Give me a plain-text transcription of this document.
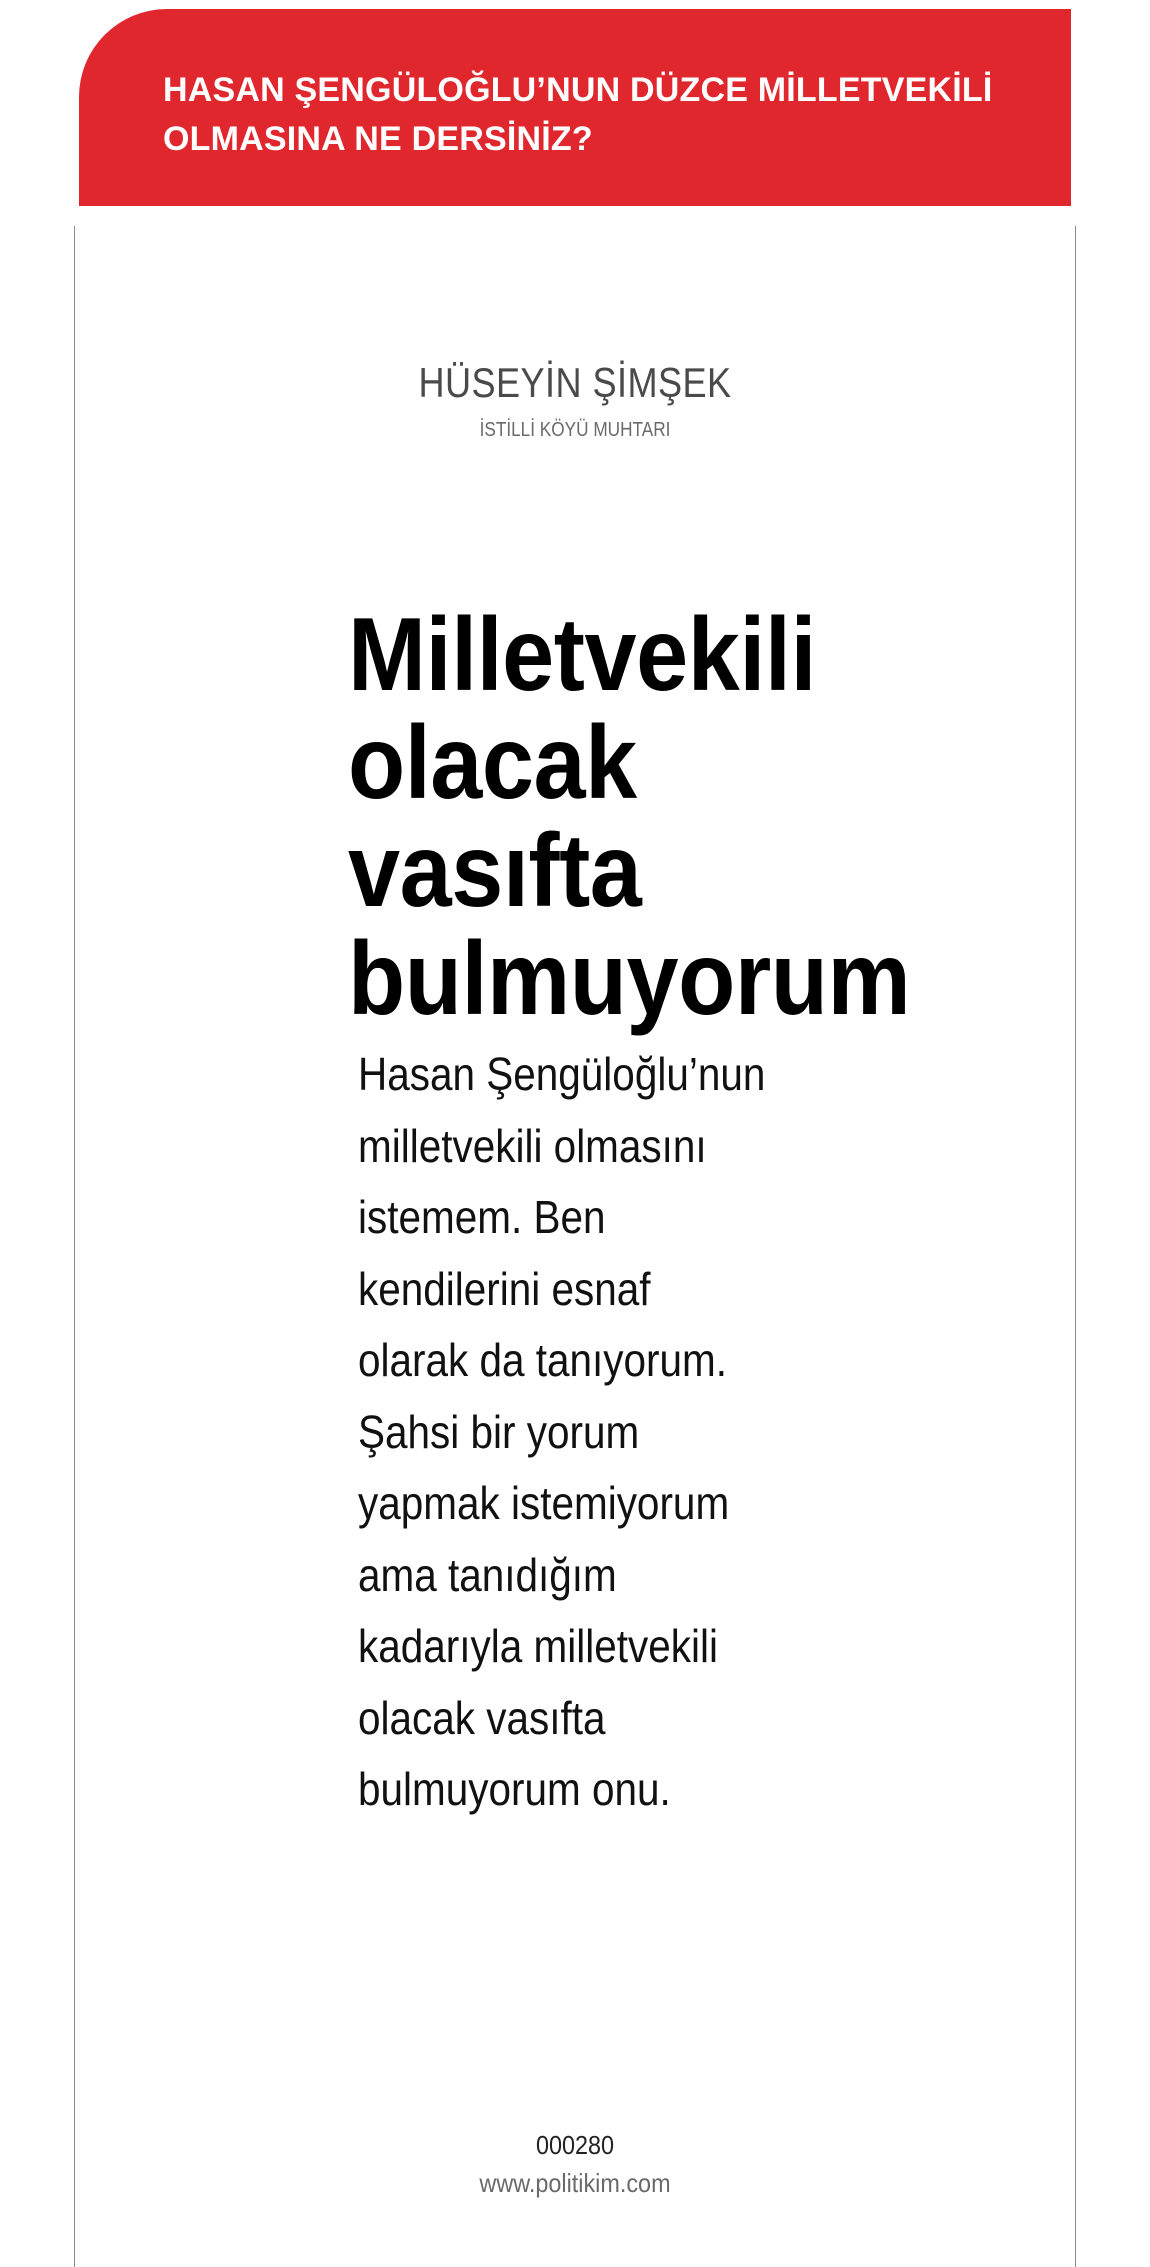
HASAN ŞENGÜLOĞLU’NUN DÜZCE MİLLETVEKİLİ OLMASINA NE DERSİNİZ?
HÜSEYİN ŞİMŞEK

İSTİLLİ KÖYÜ MUHTARI

Milletvekili olacak vasıfta bulmuyorum

Hasan Şengüloğlu’nun
milletvekili olmasını
istemem. Ben
kendilerini esnaf
olarak da tanıyorum.
Şahsi bir yorum
yapmak istemiyorum
ama tanıdığım
kadarıyla milletvekili
olacak vasıfta
bulmuyorum onu.

000280

www.politikim.com
